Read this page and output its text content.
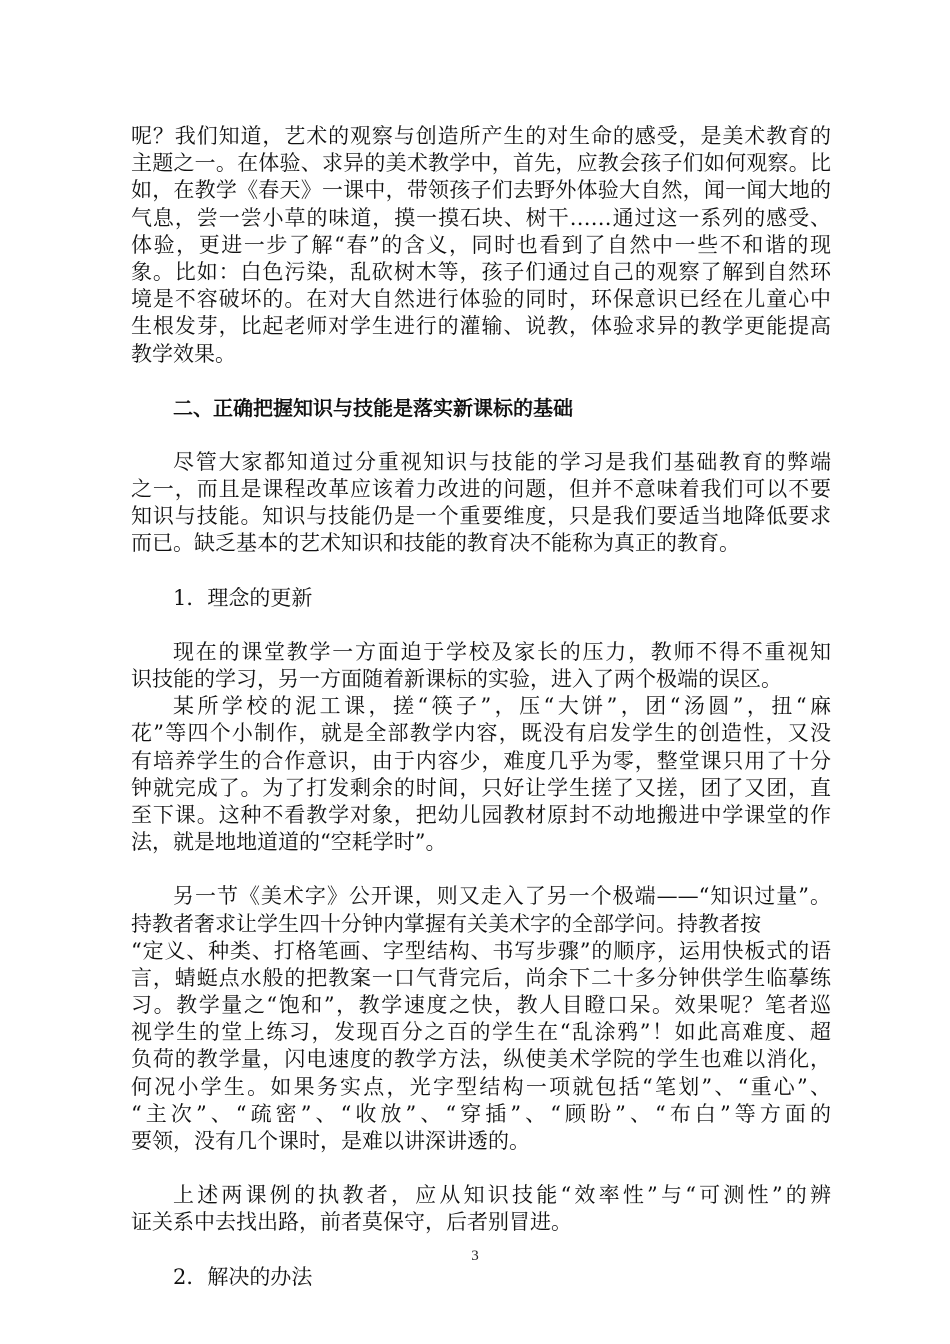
呢？我们知道，艺术的观察与创造所产生的对生命的感受，是美术教育的
主题之一。在体验、求异的美术教学中，首先，应教会孩子们如何观察。比
如，在教学《春天》一课中，带领孩子们去野外体验大自然，闻一闻大地的
气息，尝一尝小草的味道，摸一摸石块、树干……通过这一系列的感受、
体验，更进一步了解“春”的含义，同时也看到了自然中一些不和谐的现
象。比如：白色污染，乱砍树木等，孩子们通过自己的观察了解到自然环
境是不容破坏的。在对大自然进行体验的同时，环保意识已经在儿童心中
生根发芽，比起老师对学生进行的灌输、说教，体验求异的教学更能提高
教学效果。
二、正确把握知识与技能是落实新课标的基础
尽管大家都知道过分重视知识与技能的学习是我们基础教育的弊端
之一，而且是课程改革应该着力改进的问题，但并不意味着我们可以不要
知识与技能。知识与技能仍是一个重要维度，只是我们要适当地降低要求
而已。缺乏基本的艺术知识和技能的教育决不能称为真正的教育。
1．理念的更新
现在的课堂教学一方面迫于学校及家长的压力，教师不得不重视知
识技能的学习，另一方面随着新课标的实验，进入了两个极端的误区。
某所学校的泥工课，搓“筷子”，压“大饼”，团“汤圆”，扭“麻
花”等四个小制作，就是全部教学内容，既没有启发学生的创造性，又没
有培养学生的合作意识，由于内容少，难度几乎为零，整堂课只用了十分
钟就完成了。为了打发剩余的时间，只好让学生搓了又搓，团了又团，直
至下课。这种不看教学对象，把幼儿园教材原封不动地搬进中学课堂的作
法，就是地地道道的“空耗学时”。
另一节《美术字》公开课，则又走入了另一个极端——“知识过量”。
持教者奢求让学生四十分钟内掌握有关美术字的全部学问。持教者按
“定义、种类、打格笔画、字型结构、书写步骤”的顺序，运用快板式的语
言，蜻蜓点水般的把教案一口气背完后，尚余下二十多分钟供学生临摹练
习。教学量之“饱和”，教学速度之快，教人目瞪口呆。效果呢？笔者巡
视学生的堂上练习，发现百分之百的学生在“乱涂鸦”！如此高难度、超
负荷的教学量，闪电速度的教学方法，纵使美术学院的学生也难以消化，
何况小学生。如果务实点，光字型结构一项就包括“笔划”、“重心”、
“主次”、“疏密”、“收放”、“穿插”、“顾盼”、“布白”等方面的
要领，没有几个课时，是难以讲深讲透的。
上述两课例的执教者，应从知识技能“效率性”与“可测性”的辨
证关系中去找出路，前者莫保守，后者别冒进。
2．解决的办法
3
